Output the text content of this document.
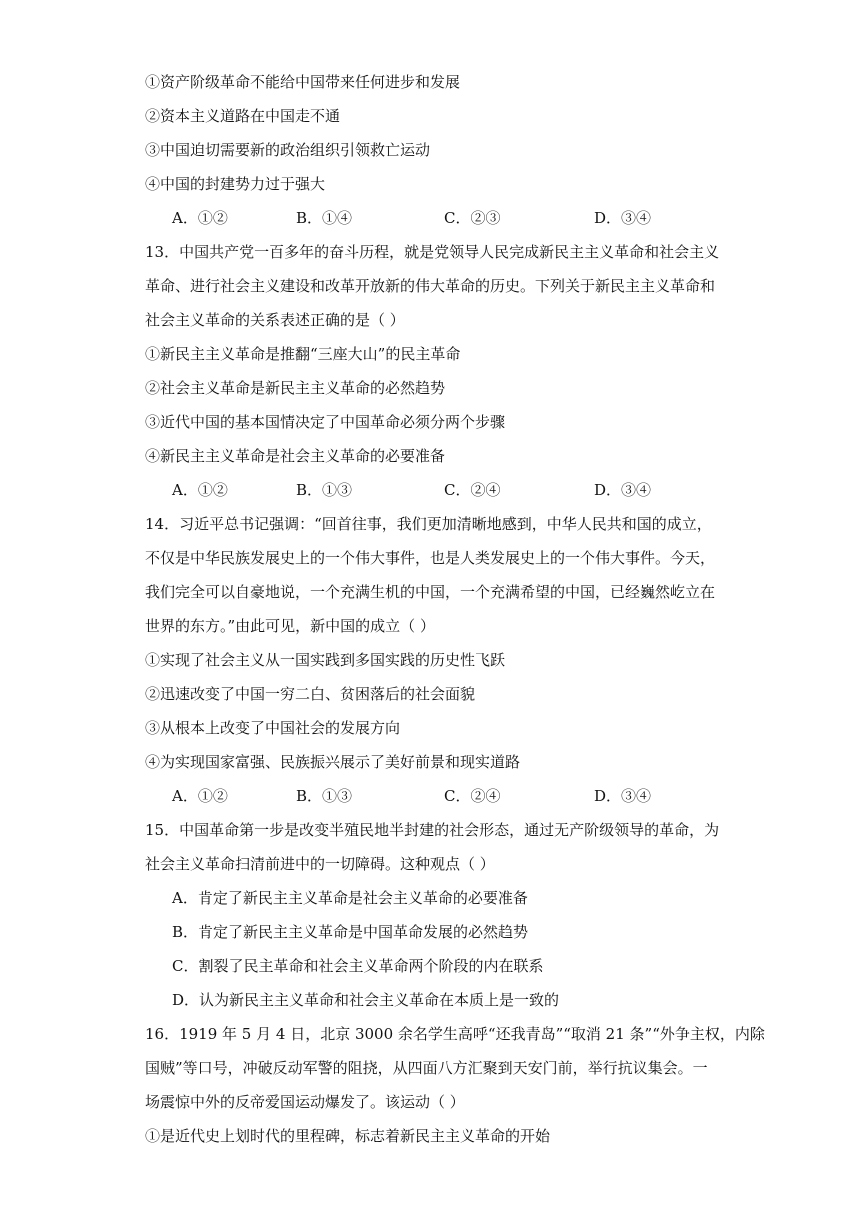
①资产阶级革命不能给中国带来任何进步和发展
②资本主义道路在中国走不通
③中国迫切需要新的政治组织引领救亡运动
④中国的封建势力过于强大
A．①②	B．①④	C．②③	D．③④
13．中国共产党一百多年的奋斗历程，就是党领导人民完成新民主主义革命和社会主义
革命、进行社会主义建设和改革开放新的伟大革命的历史。下列关于新民主主义革命和
社会主义革命的关系表述正确的是（ ）
①新民主主义革命是推翻“三座大山”的民主革命
②社会主义革命是新民主主义革命的必然趋势
③近代中国的基本国情决定了中国革命必须分两个步骤
④新民主主义革命是社会主义革命的必要准备
A．①②	B．①③	C．②④	D．③④
14．习近平总书记强调：“回首往事，我们更加清晰地感到，中华人民共和国的成立，
不仅是中华民族发展史上的一个伟大事件，也是人类发展史上的一个伟大事件。今天，
我们完全可以自豪地说，一个充满生机的中国，一个充满希望的中国，已经巍然屹立在
世界的东方。”由此可见，新中国的成立（ ）
①实现了社会主义从一国实践到多国实践的历史性飞跃
②迅速改变了中国一穷二白、贫困落后的社会面貌
③从根本上改变了中国社会的发展方向
④为实现国家富强、民族振兴展示了美好前景和现实道路
A．①②	B．①③	C．②④	D．③④
15．中国革命第一步是改变半殖民地半封建的社会形态，通过无产阶级领导的革命，为
社会主义革命扫清前进中的一切障碍。这种观点（ ）
A．肯定了新民主主义革命是社会主义革命的必要准备
B．肯定了新民主主义革命是中国革命发展的必然趋势
C．割裂了民主革命和社会主义革命两个阶段的内在联系
D．认为新民主主义革命和社会主义革命在本质上是一致的
16．1919 年 5 月 4 日，北京 3000 余名学生高呼“还我青岛”“取消 21 条”“外争主权，内除
国贼”等口号，冲破反动军警的阻挠，从四面八方汇聚到天安门前，举行抗议集会。一
场震惊中外的反帝爱国运动爆发了。该运动（ ）
①是近代史上划时代的里程碑，标志着新民主主义革命的开始
